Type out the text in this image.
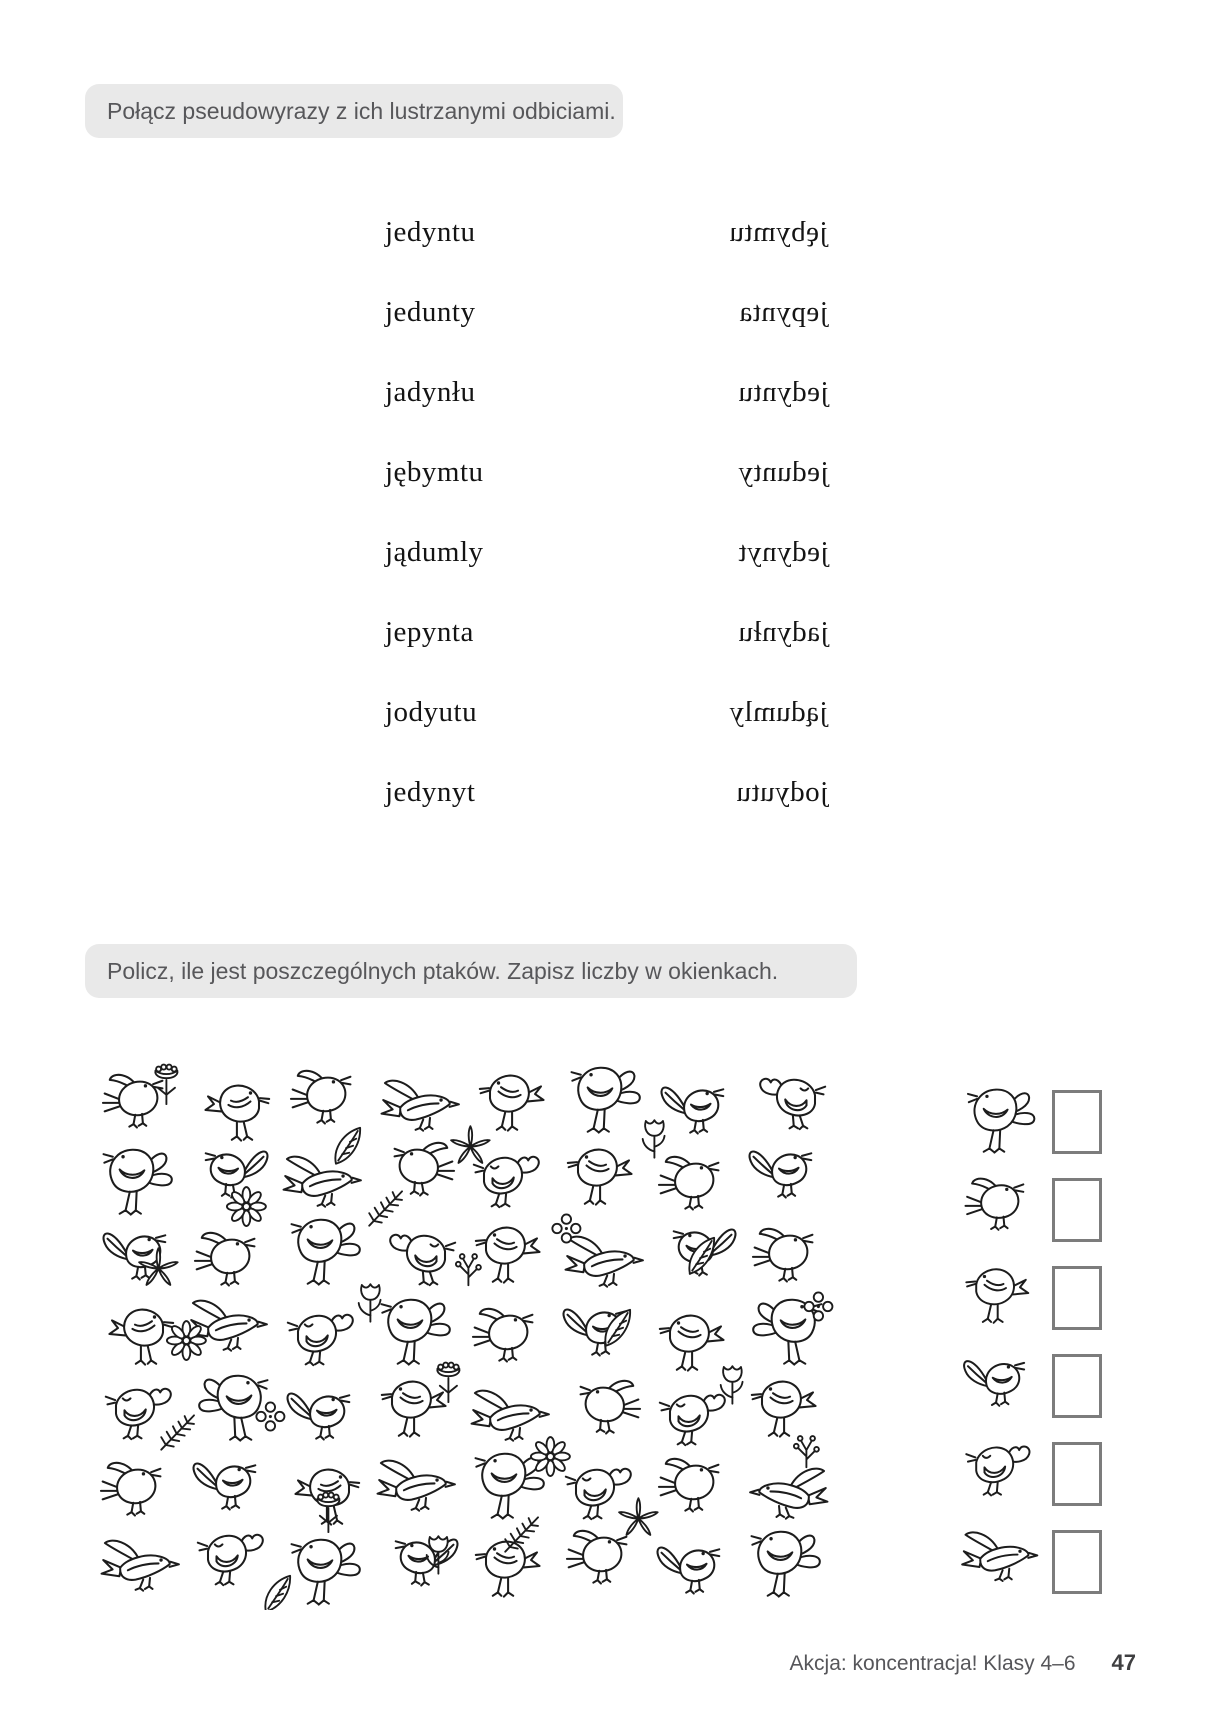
Połącz pseudowyrazy z ich lustrzanymi odbiciami.
jedyntu
jedunty
jadynłu
jębymtu
jądumly
jepynta
jodyutu
jedynyt
jębymtu
jepynta
jedyntu
jedunty
jedynyt
jadynłu
jądumly
jodyutu
Policz, ile jest poszczególnych ptaków. Zapisz liczby w okienkach.
Akcja: koncentracja! Klasy 4–6 47
